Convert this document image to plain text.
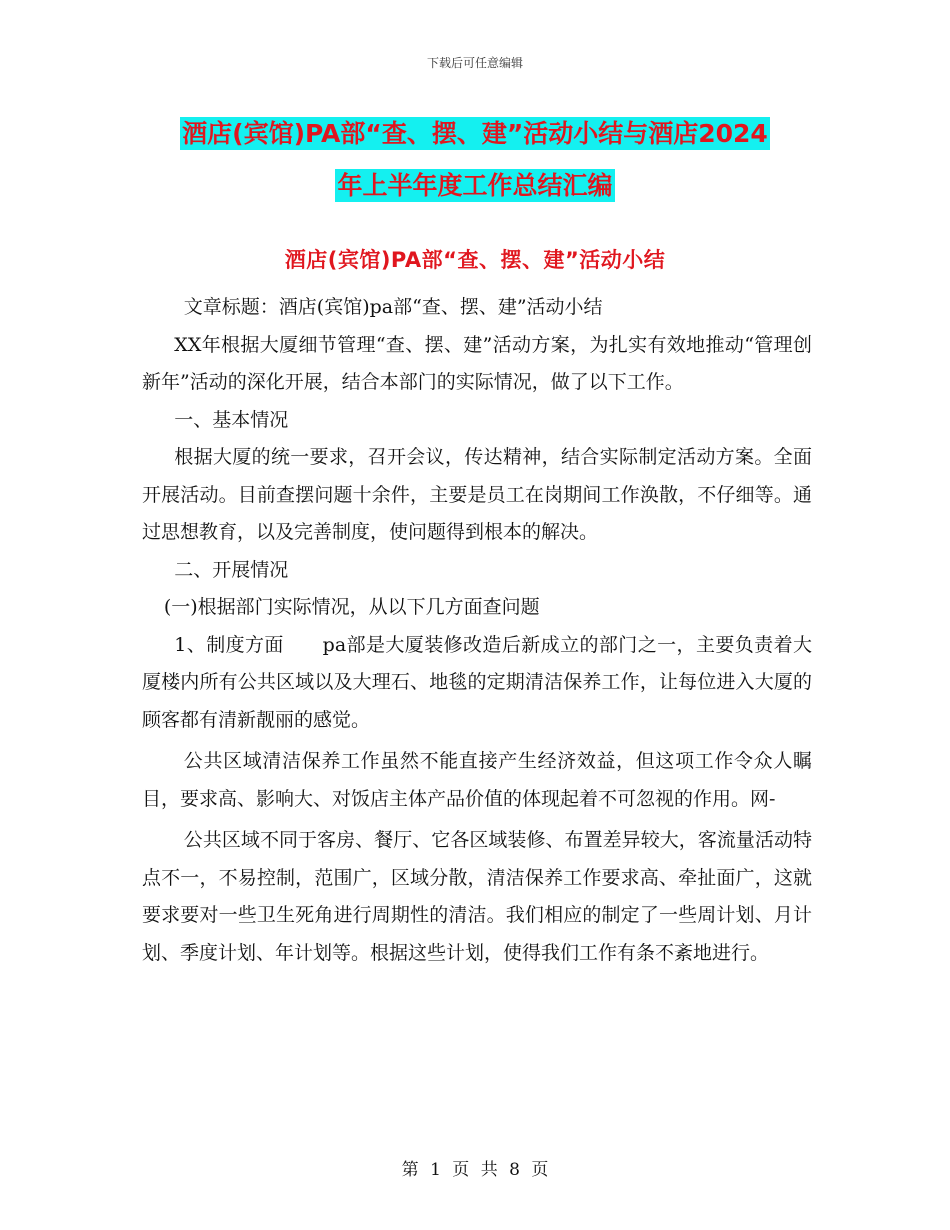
下载后可任意编辑
酒店(宾馆)PA部“查、摆、建”活动小结与酒店2024
年上半年度工作总结汇编
酒店(宾馆)PA部“查、摆、建”活动小结

文章标题：酒店(宾馆)pa部“查、摆、建”活动小结

XX年根据大厦细节管理“查、摆、建”活动方案，为扎实有效地推动“管理创新年”活动的深化开展，结合本部门的实际情况，做了以下工作。

一、基本情况

根据大厦的统一要求，召开会议，传达精神，结合实际制定活动方案。全面开展活动。目前查摆问题十余件，主要是员工在岗期间工作涣散，不仔细等。通过思想教育，以及完善制度，使问题得到根本的解决。

二、开展情况

(一)根据部门实际情况，从以下几方面查问题

1、制度方面　　pa部是大厦装修改造后新成立的部门之一，主要负责着大厦楼内所有公共区域以及大理石、地毯的定期清洁保养工作，让每位进入大厦的顾客都有清新靓丽的感觉。

公共区域清洁保养工作虽然不能直接产生经济效益，但这项工作令众人瞩目，要求高、影响大、对饭店主体产品价值的体现起着不可忽视的作用。网-

公共区域不同于客房、餐厅、它各区域装修、布置差异较大，客流量活动特点不一，不易控制，范围广，区域分散，清洁保养工作要求高、牵扯面广，这就要求要对一些卫生死角进行周期性的清洁。我们相应的制定了一些周计划、月计划、季度计划、年计划等。根据这些计划，使得我们工作有条不紊地进行。

第 1 页 共 8 页
